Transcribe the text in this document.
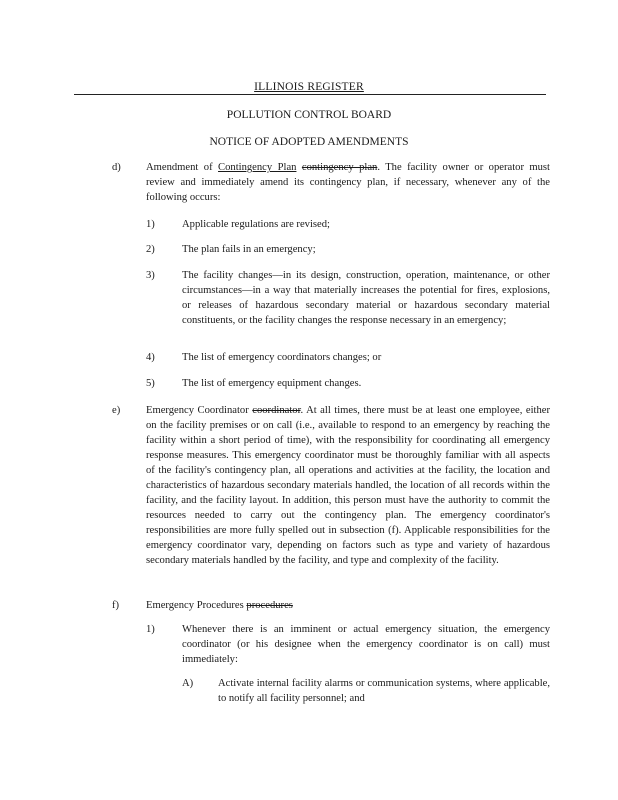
ILLINOIS REGISTER
POLLUTION CONTROL BOARD
NOTICE OF ADOPTED AMENDMENTS
d) Amendment of Contingency Plan contingency plan. The facility owner or operator must review and immediately amend its contingency plan, if necessary, whenever any of the following occurs:

1)	Applicable regulations are revised;
2)	The plan fails in an emergency;
3)	The facility changes—in its design, construction, operation, maintenance, or other circumstances—in a way that materially increases the potential for fires, explosions, or releases of hazardous secondary material or hazardous secondary material constituents, or the facility changes the response necessary in an emergency;
4)	The list of emergency coordinators changes; or
5)	The list of emergency equipment changes.
e) Emergency Coordinator coordinator. At all times, there must be at least one employee, either on the facility premises or on call (i.e., available to respond to an emergency by reaching the facility within a short period of time), with the responsibility for coordinating all emergency response measures. This emergency coordinator must be thoroughly familiar with all aspects of the facility's contingency plan, all operations and activities at the facility, the location and characteristics of hazardous secondary materials handled, the location of all records within the facility, and the facility layout. In addition, this person must have the authority to commit the resources needed to carry out the contingency plan. The emergency coordinator's responsibilities are more fully spelled out in subsection (f). Applicable responsibilities for the emergency coordinator vary, depending on factors such as type and variety of hazardous secondary materials handled by the facility, and type and complexity of the facility.

f)	Emergency Procedures procedures

1)	Whenever there is an imminent or actual emergency situation, the emergency coordinator (or his designee when the emergency coordinator is on call) must immediately:
A) Activate internal facility alarms or communication systems, where applicable, to notify all facility personnel; and
